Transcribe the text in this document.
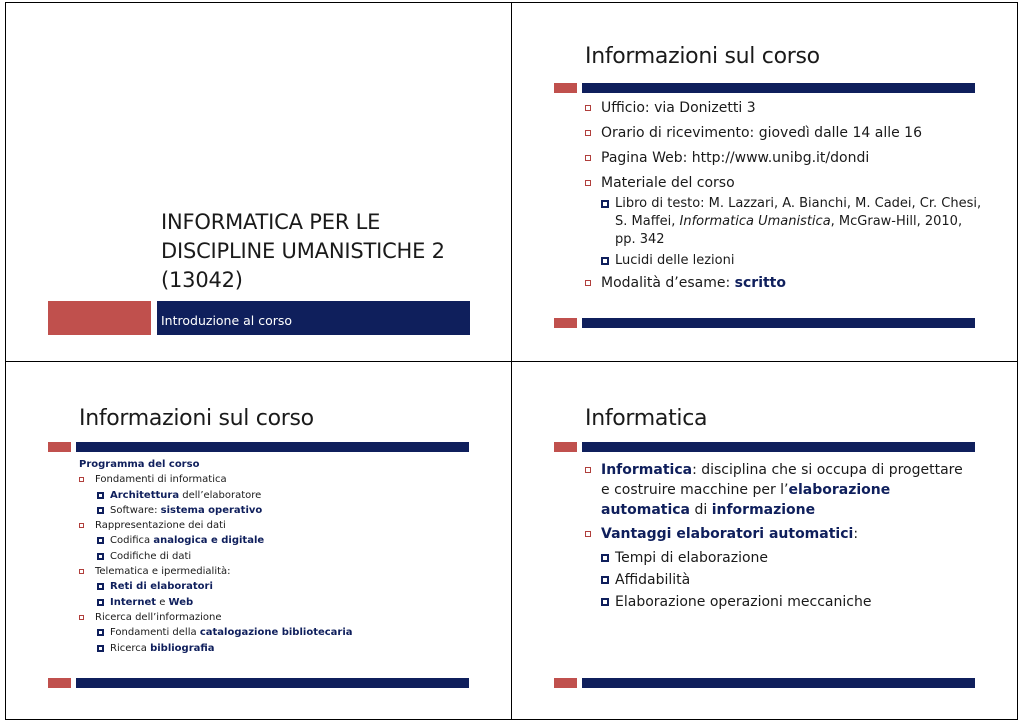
INFORMATICA PER LE
DISCIPLINE UMANISTICHE 2
(13042)
Introduzione al corso
Informazioni sul corso
Ufficio: via Donizetti 3
Orario di ricevimento: giovedì dalle 14 alle 16
Pagina Web: http://www.unibg.it/dondi
Materiale del corso
Libro di testo: M. Lazzari, A. Bianchi, M. Cadei, Cr. Chesi, S. Maffei, Informatica Umanistica, McGraw-Hill, 2010, pp. 342
Lucidi delle lezioni
Modalità d’esame: scritto
Informazioni sul corso
Programma del corso
Fondamenti di informatica
Architettura dell’elaboratore
Software: sistema operativo
Rappresentazione dei dati
Codifica analogica e digitale
Codifiche di dati
Telematica e ipermedialità:
Reti di elaboratori
Internet e Web
Ricerca dell’informazione
Fondamenti della catalogazione bibliotecaria
Ricerca bibliografia
Informatica
Informatica: disciplina che si occupa di progettare e costruire macchine per l’elaborazione automatica di informazione
Vantaggi elaboratori automatici:
Tempi di elaborazione
Affidabilità
Elaborazione operazioni meccaniche
